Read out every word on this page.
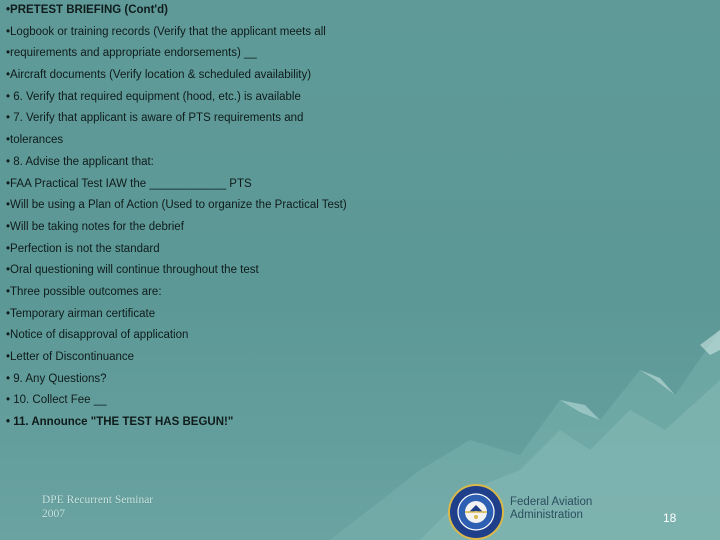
•PRETEST BRIEFING (Cont'd)
•Logbook or training records (Verify that the applicant meets all
•requirements and appropriate endorsements) __
•Aircraft documents (Verify location & scheduled availability)
• 6. Verify that required equipment (hood, etc.) is available
• 7. Verify that applicant is aware of PTS requirements and
•tolerances
• 8. Advise the applicant that:
•FAA Practical Test IAW the ____________ PTS
•Will be using a Plan of Action (Used to organize the Practical Test)
•Will be taking notes for the debrief
•Perfection is not the standard
•Oral questioning will continue throughout the test
•Three possible outcomes are:
•Temporary airman certificate
•Notice of disapproval of application
•Letter of Discontinuance
• 9. Any Questions?
• 10. Collect Fee __
• 11. Announce "THE TEST HAS BEGUN!"
DPE Recurrent Seminar
2007
Federal Aviation
Administration	18
